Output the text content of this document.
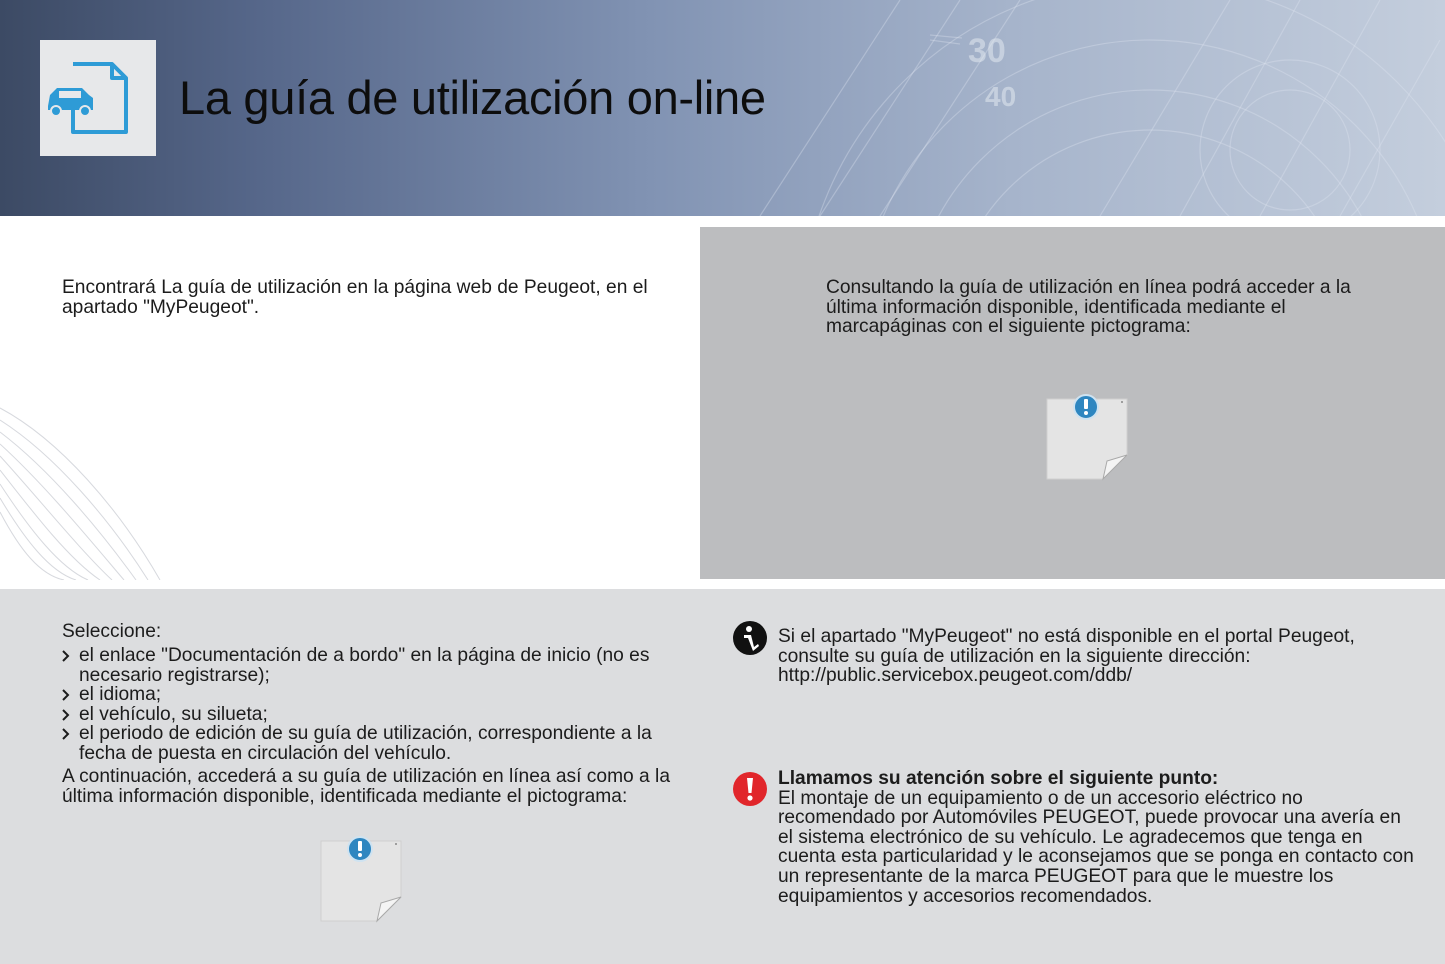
30
40
La guía de utilización on-line
Encontrará La guía de utilización en la página web de Peugeot, en el apartado "MyPeugeot".
Consultando la guía de utilización en línea podrá acceder a la última información disponible, identificada mediante el marcapáginas con el siguiente pictograma:
Seleccione:
el enlace "Documentación de a bordo" en la página de inicio (no es necesario registrarse);
el idioma;
el vehículo, su silueta;
el periodo de edición de su guía de utilización, correspondiente a la fecha de puesta en circulación del vehículo.
A continuación, accederá a su guía de utilización en línea así como a la última información disponible, identificada mediante el pictograma:
Si el apartado "MyPeugeot" no está disponible en el portal Peugeot, consulte su guía de utilización en la siguiente dirección:
http://public.servicebox.peugeot.com/ddb/
Llamamos su atención sobre el siguiente punto:
El montaje de un equipamiento o de un accesorio eléctrico no recomendado por Automóviles PEUGEOT, puede provocar una avería en el sistema electrónico de su vehículo. Le agradecemos que tenga en cuenta esta particularidad y le aconsejamos que se ponga en contacto con un representante de la marca PEUGEOT para que le muestre los equipamientos y accesorios recomendados.
